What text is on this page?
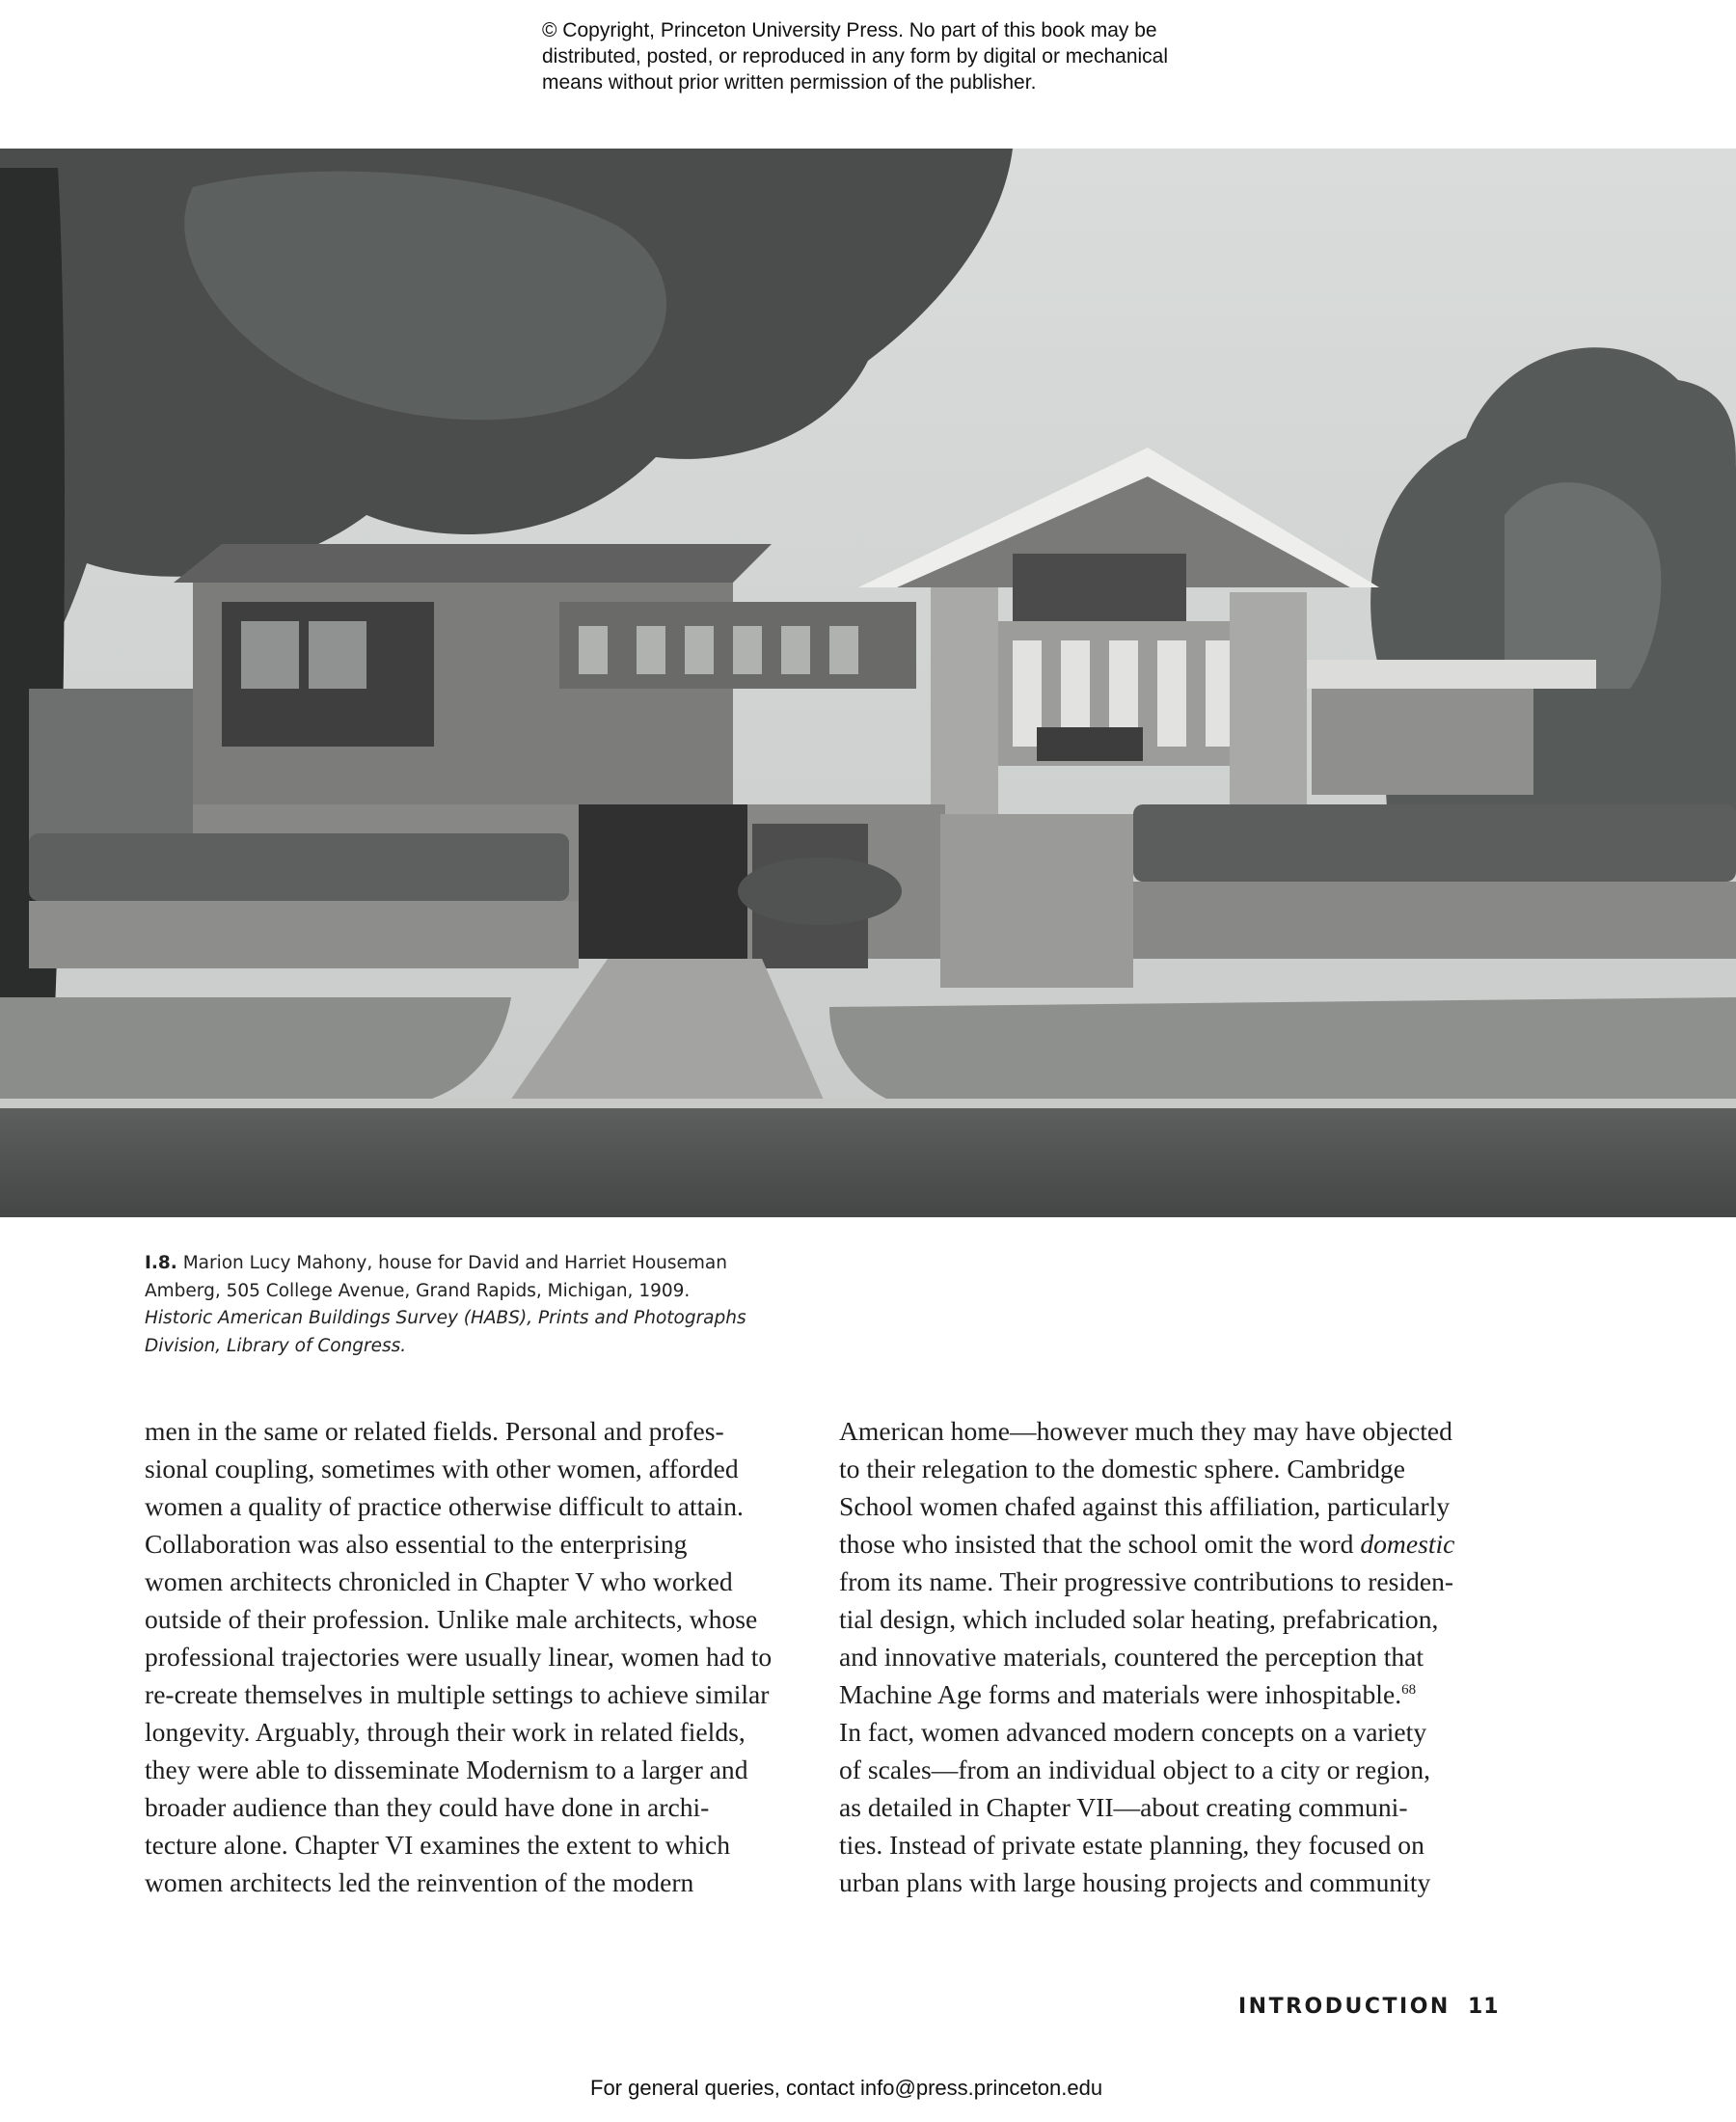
© Copyright, Princeton University Press. No part of this book may be
distributed, posted, or reproduced in any form by digital or mechanical
means without prior written permission of the publisher.
I.8. Marion Lucy Mahony, house for David and Harriet Houseman
Amberg, 505 College Avenue, Grand Rapids, Michigan, 1909.
Historic American Buildings Survey (HABS), Prints and Photographs
Division, Library of Congress.
men in the same or related fields. Personal and profes-
sional coupling, sometimes with other women, afforded
women a quality of practice otherwise difficult to attain.
Collaboration was also essential to the enterprising
women architects chronicled in Chapter V who worked
outside of their profession. Unlike male architects, whose
professional trajectories were usually linear, women had to
re-create themselves in multiple settings to achieve similar
longevity. Arguably, through their work in related fields,
they were able to disseminate Modernism to a larger and
broader audience than they could have done in archi-
tecture alone. Chapter VI examines the extent to which
women architects led the reinvention of the modern
American home—however much they may have objected
to their relegation to the domestic sphere. Cambridge
School women chafed against this affiliation, particularly
those who insisted that the school omit the word domestic
from its name. Their progressive contributions to residen-
tial design, which included solar heating, prefabrication,
and innovative materials, countered the perception that
Machine Age forms and materials were inhospitable.$^{68}$
In fact, women advanced modern concepts on a variety
of scales—from an individual object to a city or region,
as detailed in Chapter VII—about creating communi-
ties. Instead of private estate planning, they focused on
urban plans with large housing projects and community
INTRODUCTION 11
For general queries, contact info@press.princeton.edu
